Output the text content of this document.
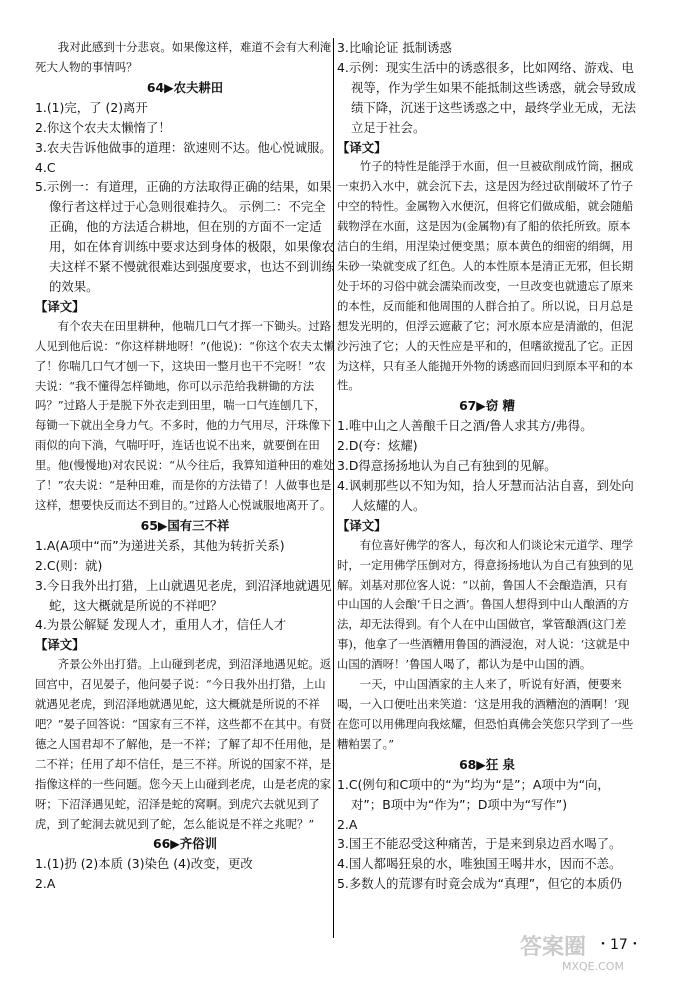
我对此感到十分悲哀。如果像这样，难道不会有大利淹死大人物的事情吗？

64▶农夫耕田

1.(1)完，了 (2)离开

2.你这个农夫太懒惰了！

3.农夫告诉他做事的道理：欲速则不达。他心悦诚服。

4.C

5.示例一：有道理，正确的方法取得正确的结果，如果像行者这样过于心急则很难持久。 示例二：不完全正确，他的方法适合耕地，但在别的方面不一定适用，如在体育训练中要求达到身体的极限，如果像农夫这样不紧不慢就很难达到强度要求，也达不到训练的效果。

【译文】

有个农夫在田里耕种，他喘几口气才挥一下锄头。过路人见到他后说：“你这样耕地呀！”(他说)：“你这个农夫太懒了！你喘几口气才刨一下，这块田一整月也干不完呀！”农夫说：“我不懂得怎样锄地，你可以示范给我耕锄的方法吗？”过路人于是脱下外衣走到田里，喘一口气连刨几下，每锄一下就出全身力气。不多时，他的力气用尽，汗珠像下雨似的向下淌，气喘吁吁，连话也说不出来，就要倒在田里。他(慢慢地)对农民说：“从今往后，我算知道种田的难处了！”农夫说：“是种田难，而是你的方法错了！人做事也是这样，想要快反而达不到目的。”过路人心悦诚服地离开了。

65▶国有三不祥

1.A(A项中“而”为递进关系，其他为转折关系)

2.C(则：就)

3.今日我外出打猎，上山就遇见老虎，到沼泽地就遇见蛇，这大概就是所说的不祥吧？

4.为景公解疑 发现人才，重用人才，信任人才

【译文】

齐景公外出打猎。上山碰到老虎，到沼泽地遇见蛇。返回宫中，召见晏子，他问晏子说：“今日我外出打猎，上山就遇见老虎，到沼泽地就遇见蛇，这大概就是所说的不祥吧？”晏子回答说：“国家有三不祥，这些都不在其中。有贤德之人国君却不了解他，是一不祥；了解了却不任用他，是二不祥；任用了却不信任，是三不祥。所说的国家不祥，是指像这样的一些问题。您今天上山碰到老虎，山是老虎的家呀；下沼泽遇见蛇，沼泽是蛇的窝啊。到虎穴去就见到了虎，到了蛇洞去就见到了蛇，怎么能说是不祥之兆呢？”

66▶齐俗训

1.(1)扔 (2)本质 (3)染色 (4)改变，更改

2.A

3.比喻论证 抵制诱惑

4.示例：现实生活中的诱惑很多，比如网络、游戏、电视等，作为学生如果不能抵制这些诱惑，就会导致成绩下降，沉迷于这些诱惑之中，最终学业无成，无法立足于社会。

【译文】

竹子的特性是能浮于水面，但一旦被砍削成竹筒，捆成一束扔入水中，就会沉下去，这是因为经过砍削破坏了竹子中空的特性。金属物入水便沉，但将它们做成船，就会随船载物浮在水面，这是因为(金属物)有了船的依托所致。原本洁白的生绢，用涅染过便变黑；原本黄色的细密的绢绸，用朱砂一染就变成了红色。人的本性原本是清正无邪，但长期处于坏的习俗中就会濡染而改变，一旦改变也就遗忘了原来的本性，反而能和他周围的人群合拍了。所以说，日月总是想发光明的，但浮云遮蔽了它；河水原本应是清澈的，但泥沙污浊了它；人的天性应是平和的，但嗜欲搅乱了它。正因为这样，只有圣人能抛开外物的诱惑而回归到原本平和的本性。

67▶窃 糟

1.唯中山之人善酿千日之酒/鲁人求其方/弗得。

2.D(夸：炫耀)

3.D得意扬扬地认为自己有独到的见解。

4.讽刺那些以不知为知，拾人牙慧而沾沾自喜，到处向人炫耀的人。

【译文】

有位喜好佛学的客人，每次和人们谈论宋元道学、理学时，一定用佛学压倒对方，得意扬扬地认为自己有独到的见解。刘基对那位客人说：“以前，鲁国人不会酿造酒，只有中山国的人会酿‘千日之酒’。鲁国人想得到中山人酿酒的方法，却无法得到。有个人在中山国做官，掌管酿酒(这门差事)，他拿了一些酒糟用鲁国的酒浸泡，对人说：‘这就是中山国的酒呀！’鲁国人喝了，都认为是中山国的酒。

一天，中山国酒家的主人来了，听说有好酒，便要来喝，一入口便吐出来笑道：‘这是用我的酒糟泡的酒啊！’现在您可以用佛理向我炫耀，但恐怕真佛会笑您只学到了一些糟粕罢了。”

68▶狂 泉

1.C(例句和C项中的“为”均为“是”；A项中为“向，对”；B项中为“作为”；D项中为“写作”)

2.A

3.国王不能忍受这种痛苦，于是来到泉边舀水喝了。

4.国人都喝狂泉的水，唯独国王喝井水，因而不恙。

5.多数人的荒谬有时竟会成为“真理”，但它的本质仍

答案圈
MXQE.COM
・17・
